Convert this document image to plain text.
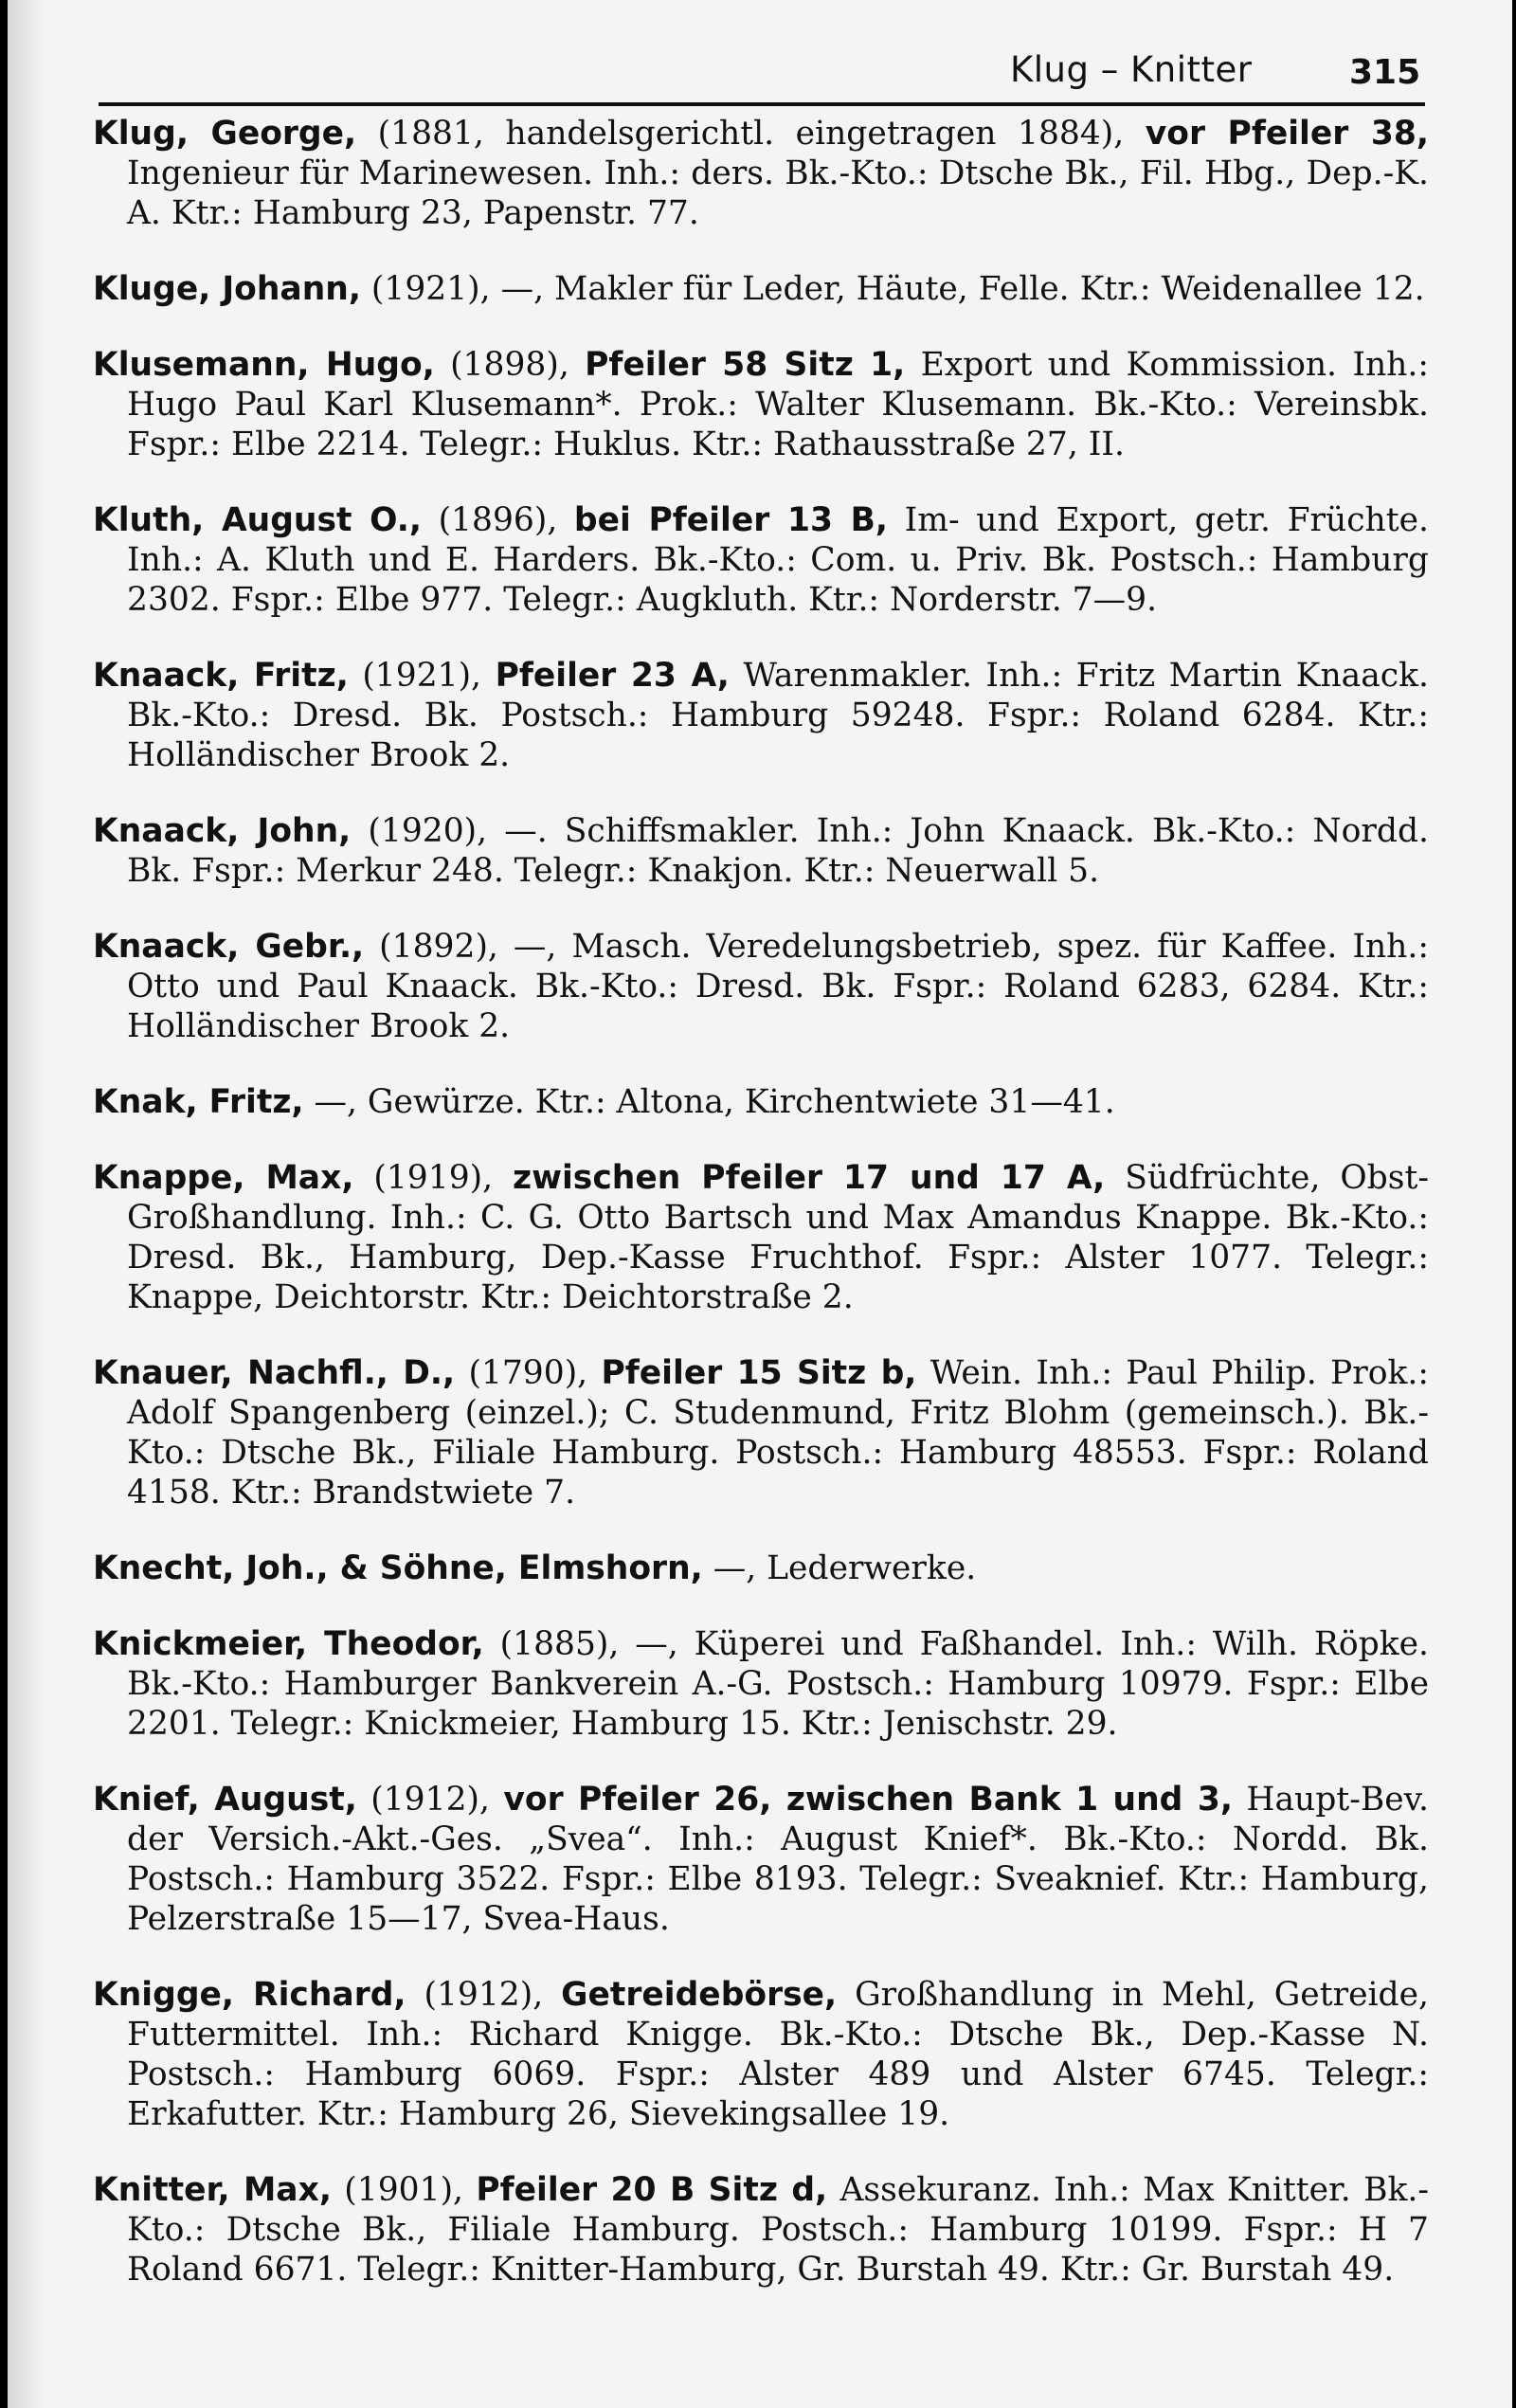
Klug – Knitter	315

Klug, George, (1881, handelsgerichtl. eingetragen 1884), vor Pfeiler 38, Ingenieur für Marinewesen. Inh.: ders. Bk.-Kto.: Dtsche Bk., Fil. Hbg., Dep.-K. A. Ktr.: Hamburg 23, Papenstr. 77.

Kluge, Johann, (1921), —, Makler für Leder, Häute, Felle. Ktr.: Weidenallee 12.

Klusemann, Hugo, (1898), Pfeiler 58 Sitz 1, Export und Kommission. Inh.: Hugo Paul Karl Klusemann*. Prok.: Walter Klusemann. Bk.-Kto.: Vereinsbk. Fspr.: Elbe 2214. Telegr.: Huklus. Ktr.: Rathausstraße 27, II.

Kluth, August O., (1896), bei Pfeiler 13 B, Im- und Export, getr. Früchte. Inh.: A. Kluth und E. Harders. Bk.-Kto.: Com. u. Priv. Bk. Postsch.: Hamburg 2302. Fspr.: Elbe 977. Telegr.: Augkluth. Ktr.: Norderstr. 7—9.

Knaack, Fritz, (1921), Pfeiler 23 A, Warenmakler. Inh.: Fritz Martin Knaack. Bk.-Kto.: Dresd. Bk. Postsch.: Hamburg 59248. Fspr.: Roland 6284. Ktr.: Holländischer Brook 2.

Knaack, John, (1920), —. Schiffsmakler. Inh.: John Knaack. Bk.-Kto.: Nordd. Bk. Fspr.: Merkur 248. Telegr.: Knakjon. Ktr.: Neuerwall 5.

Knaack, Gebr., (1892), —, Masch. Veredelungsbetrieb, spez. für Kaffee. Inh.: Otto und Paul Knaack. Bk.-Kto.: Dresd. Bk. Fspr.: Roland 6283, 6284. Ktr.: Holländischer Brook 2.

Knak, Fritz, —, Gewürze. Ktr.: Altona, Kirchentwiete 31—41.

Knappe, Max, (1919), zwischen Pfeiler 17 und 17 A, Südfrüchte, Obst-Großhandlung. Inh.: C. G. Otto Bartsch und Max Amandus Knappe. Bk.-Kto.: Dresd. Bk., Hamburg, Dep.-Kasse Fruchthof. Fspr.: Alster 1077. Telegr.: Knappe, Deichtorstr. Ktr.: Deichtorstraße 2.

Knauer, Nachfl., D., (1790), Pfeiler 15 Sitz b, Wein. Inh.: Paul Philip. Prok.: Adolf Spangenberg (einzel.); C. Studenmund, Fritz Blohm (gemeinsch.). Bk.-Kto.: Dtsche Bk., Filiale Hamburg. Postsch.: Hamburg 48553. Fspr.: Roland 4158. Ktr.: Brandstwiete 7.

Knecht, Joh., & Söhne, Elmshorn, —, Lederwerke.

Knickmeier, Theodor, (1885), —, Küperei und Faßhandel. Inh.: Wilh. Röpke. Bk.-Kto.: Hamburger Bankverein A.-G. Postsch.: Hamburg 10979. Fspr.: Elbe 2201. Telegr.: Knickmeier, Hamburg 15. Ktr.: Jenischstr. 29.

Knief, August, (1912), vor Pfeiler 26, zwischen Bank 1 und 3, Haupt-Bev. der Versich.-Akt.-Ges. „Svea“. Inh.: August Knief*. Bk.-Kto.: Nordd. Bk. Postsch.: Hamburg 3522. Fspr.: Elbe 8193. Telegr.: Sveaknief. Ktr.: Hamburg, Pelzerstraße 15—17, Svea-Haus.

Knigge, Richard, (1912), Getreidebörse, Großhandlung in Mehl, Getreide, Futtermittel. Inh.: Richard Knigge. Bk.-Kto.: Dtsche Bk., Dep.-Kasse N. Postsch.: Hamburg 6069. Fspr.: Alster 489 und Alster 6745. Telegr.: Erkafutter. Ktr.: Hamburg 26, Sievekingsallee 19.

Knitter, Max, (1901), Pfeiler 20 B Sitz d, Assekuranz. Inh.: Max Knitter. Bk.-Kto.: Dtsche Bk., Filiale Hamburg. Postsch.: Hamburg 10199. Fspr.: H 7 Roland 6671. Telegr.: Knitter-Hamburg, Gr. Burstah 49. Ktr.: Gr. Burstah 49.
